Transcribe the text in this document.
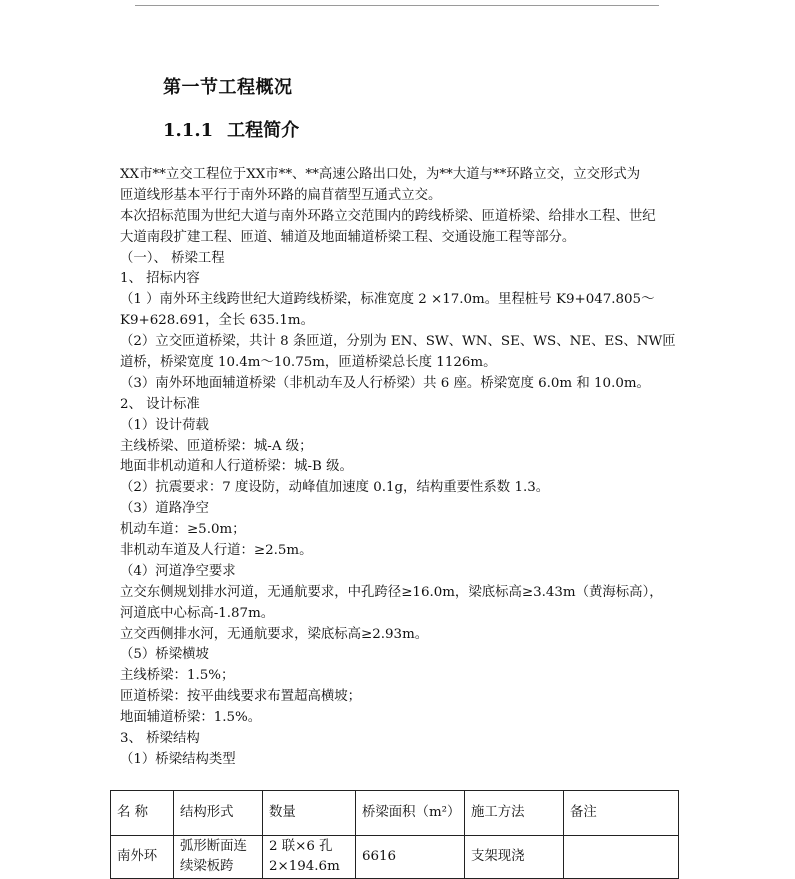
第一节工程概况
1.1.1 工程简介
XX市**立交工程位于XX市**、**高速公路出口处，为**大道与**环路立交，立交形式为
匝道线形基本平行于南外环路的扁苜蓿型互通式立交。
本次招标范围为世纪大道与南外环路立交范围内的跨线桥梁、匝道桥梁、给排水工程、世纪
大道南段扩建工程、匝道、辅道及地面辅道桥梁工程、交通设施工程等部分。
（一）、 桥梁工程
1、 招标内容
（1 ）南外环主线跨世纪大道跨线桥梁，标准宽度 2 ×17.0m。里程桩号 K9+047.805～
K9+628.691，全长 635.1m。
（2）立交匝道桥梁，共计 8 条匝道，分别为 EN、SW、WN、SE、WS、NE、ES、NW匝
道桥，桥梁宽度 10.4m～10.75m，匝道桥梁总长度 1126m。
（3）南外环地面辅道桥梁（非机动车及人行桥梁）共 6 座。桥梁宽度 6.0m 和 10.0m。
2、 设计标准
（1）设计荷载
主线桥梁、匝道桥梁：城-A 级；
地面非机动道和人行道桥梁：城-B 级。
（2）抗震要求：7 度设防，动峰值加速度 0.1g，结构重要性系数 1.3。
（3）道路净空
机动车道：≥5.0m；
非机动车道及人行道：≥2.5m。
（4）河道净空要求
立交东侧规划排水河道，无通航要求，中孔跨径≥16.0m，梁底标高≥3.43m（黄海标高），
河道底中心标高-1.87m。
立交西侧排水河，无通航要求，梁底标高≥2.93m。
（5）桥梁横坡
主线桥梁：1.5%；
匝道桥梁：按平曲线要求布置超高横坡；
地面辅道桥梁：1.5%。
3、 桥梁结构
（1）桥梁结构类型
名 称	结构形式	数量	桥梁面积（m²）	施工方法	备注
南外环	弧形断面连续梁板跨	2 联×6 孔 2×194.6m	6616	支架现浇	
